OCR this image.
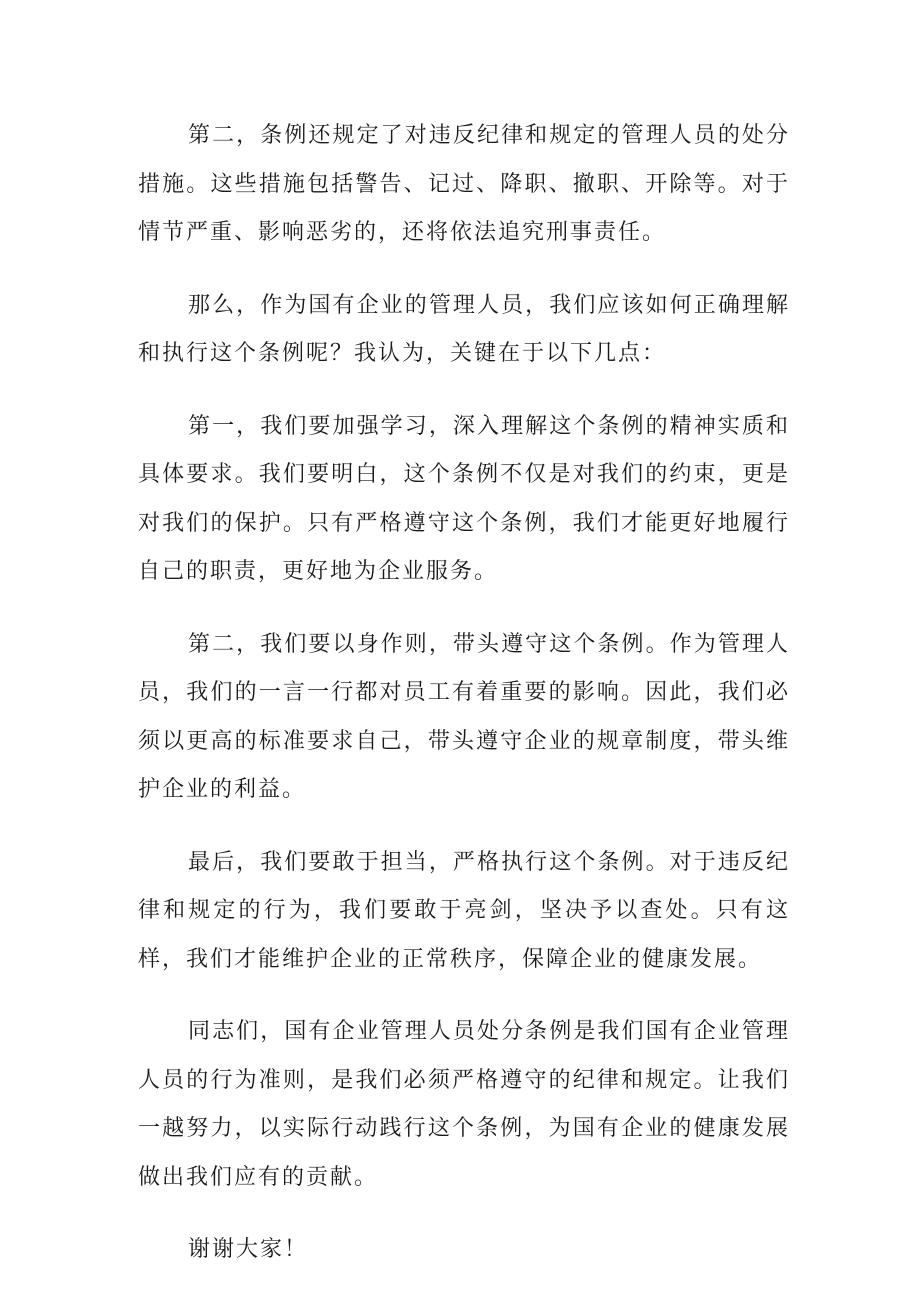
第二，条例还规定了对违反纪律和规定的管理人员的处分措施。这些措施包括警告、记过、降职、撤职、开除等。对于情节严重、影响恶劣的，还将依法追究刑事责任。

那么，作为国有企业的管理人员，我们应该如何正确理解和执行这个条例呢？我认为，关键在于以下几点：

第一，我们要加强学习，深入理解这个条例的精神实质和具体要求。我们要明白，这个条例不仅是对我们的约束，更是对我们的保护。只有严格遵守这个条例，我们才能更好地履行自己的职责，更好地为企业服务。

第二，我们要以身作则，带头遵守这个条例。作为管理人员，我们的一言一行都对员工有着重要的影响。因此，我们必须以更高的标准要求自己，带头遵守企业的规章制度，带头维护企业的利益。

最后，我们要敢于担当，严格执行这个条例。对于违反纪律和规定的行为，我们要敢于亮剑，坚决予以查处。只有这样，我们才能维护企业的正常秩序，保障企业的健康发展。

同志们，国有企业管理人员处分条例是我们国有企业管理人员的行为准则，是我们必须严格遵守的纪律和规定。让我们一越努力，以实际行动践行这个条例，为国有企业的健康发展做出我们应有的贡献。

谢谢大家！
